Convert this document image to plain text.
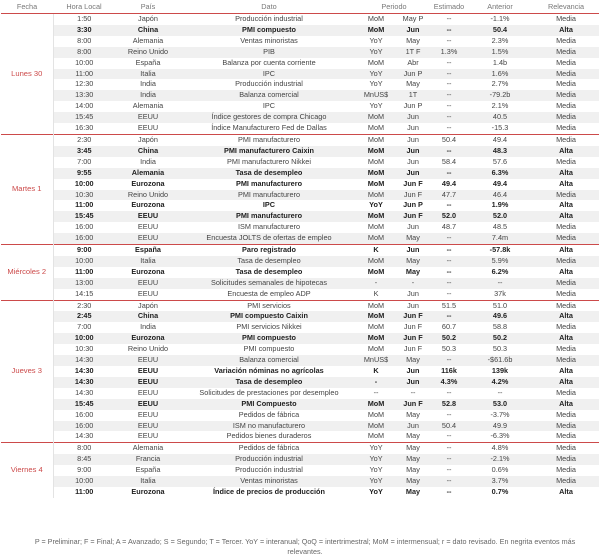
Fecha	Hora Local	País	Dato	Periodo		Estimado	Anterior	Relevancia
Lunes 30	1:50	Japón	Producción industrial	MoM	May P	--	-1.1%	Media
	3:30	China	PMI compuesto	MoM	Jun	--	50.4	Alta
	8:00	Alemania	Ventas minoristas	YoY	May	--	2.3%	Media
	8:00	Reino Unido	PIB	YoY	1T F	1.3%	1.5%	Media
	10:00	España	Balanza por cuenta corriente	MoM	Abr	--	1.4b	Media
	11:00	Italia	IPC	YoY	Jun P	--	1.6%	Media
	12:30	India	Producción industrial	YoY	May	--	2.7%	Media
	13:30	India	Balanza comercial	MnUS$	1T	--	-79.2b	Media
	14:00	Alemania	IPC	YoY	Jun P	--	2.1%	Media
	15:45	EEUU	Índice gestores de compra Chicago	MoM	Jun	--	40.5	Media
	16:30	EEUU	Índice Manufacturero Fed de Dallas	MoM	Jun	--	-15.3	Media
Martes 1	2:30	Japón	PMI manufacturero	MoM	Jun	50.4	49.4	Media
	3:45	China	PMI manufacturero Caixin	MoM	Jun	--	48.3	Alta
	7:00	India	PMI manufacturero Nikkei	MoM	Jun	58.4	57.6	Media
	9:55	Alemania	Tasa de desempleo	MoM	Jun	--	6.3%	Alta
	10:00	Eurozona	PMI manufacturero	MoM	Jun F	49.4	49.4	Alta
	10:30	Reino Unido	PMI manufacturero	MoM	Jun F	47.7	46.4	Media
	11:00	Eurozona	IPC	YoY	Jun P	--	1.9%	Alta
	15:45	EEUU	PMI manufacturero	MoM	Jun F	52.0	52.0	Alta
	16:00	EEUU	ISM manufacturero	MoM	Jun	48.7	48.5	Media
	16:00	EEUU	Encuesta JOLTS de ofertas de empleo	MoM	May	--	7.4m	Media
Miércoles 2	9:00	España	Paro registrado	K	Jun	--	-57.8k	Alta
	10:00	Italia	Tasa de desempleo	MoM	May	--	5.9%	Media
	11:00	Eurozona	Tasa de desempleo	MoM	May	--	6.2%	Alta
	13:00	EEUU	Solicitudes semanales de hipotecas	-	-	--	--	Media
	14:15	EEUU	Encuesta de empleo ADP	K	Jun	--	37k	Media
Jueves 3	2:30	Japón	PMI servicios	MoM	Jun	51.5	51.0	Media
	2:45	China	PMI compuesto Caixin	MoM	Jun F	--	49.6	Alta
	7:00	India	PMI servicios Nikkei	MoM	Jun F	60.7	58.8	Media
	10:00	Eurozona	PMI compuesto	MoM	Jun F	50.2	50.2	Alta
	10:30	Reino Unido	PMI compuesto	MoM	Jun F	50.3	50.3	Media
	14:30	EEUU	Balanza comercial	MnUS$	May	--	-$61.6b	Media
	14:30	EEUU	Variación nóminas no agrícolas	K	Jun	116k	139k	Alta
	14:30	EEUU	Tasa de desempleo	-	Jun	4.3%	4.2%	Alta
	14:30	EEUU	Solicitudes de prestaciones por desempleo	--	--	--	--	Media
	15:45	EEUU	PMI Compuesto	MoM	Jun F	52.8	53.0	Alta
	16:00	EEUU	Pedidos de fábrica	MoM	May	--	-3.7%	Media
	16:00	EEUU	ISM no manufacturero	MoM	Jun	50.4	49.9	Media
	14:30	EEUU	Pedidos bienes duraderos	MoM	May	--	-6.3%	Media
Viernes 4	8:00	Alemania	Pedidos de fábrica	YoY	May	--	4.8%	Media
	8:45	Francia	Producción industrial	YoY	May	--	-2.1%	Media
	9:00	España	Producción industrial	YoY	May	--	0.6%	Media
	10:00	Italia	Ventas minoristas	YoY	May	--	3.7%	Media
	11:00	Eurozona	Índice de precios de producción	YoY	May	--	0.7%	Alta
P = Preliminar; F = Final; A = Avanzado; S = Segundo; T = Tercer. YoY = interanual; QoQ = intertrimestral; MoM = intermensual; r = dato revisado. En negrita eventos más relevantes.
